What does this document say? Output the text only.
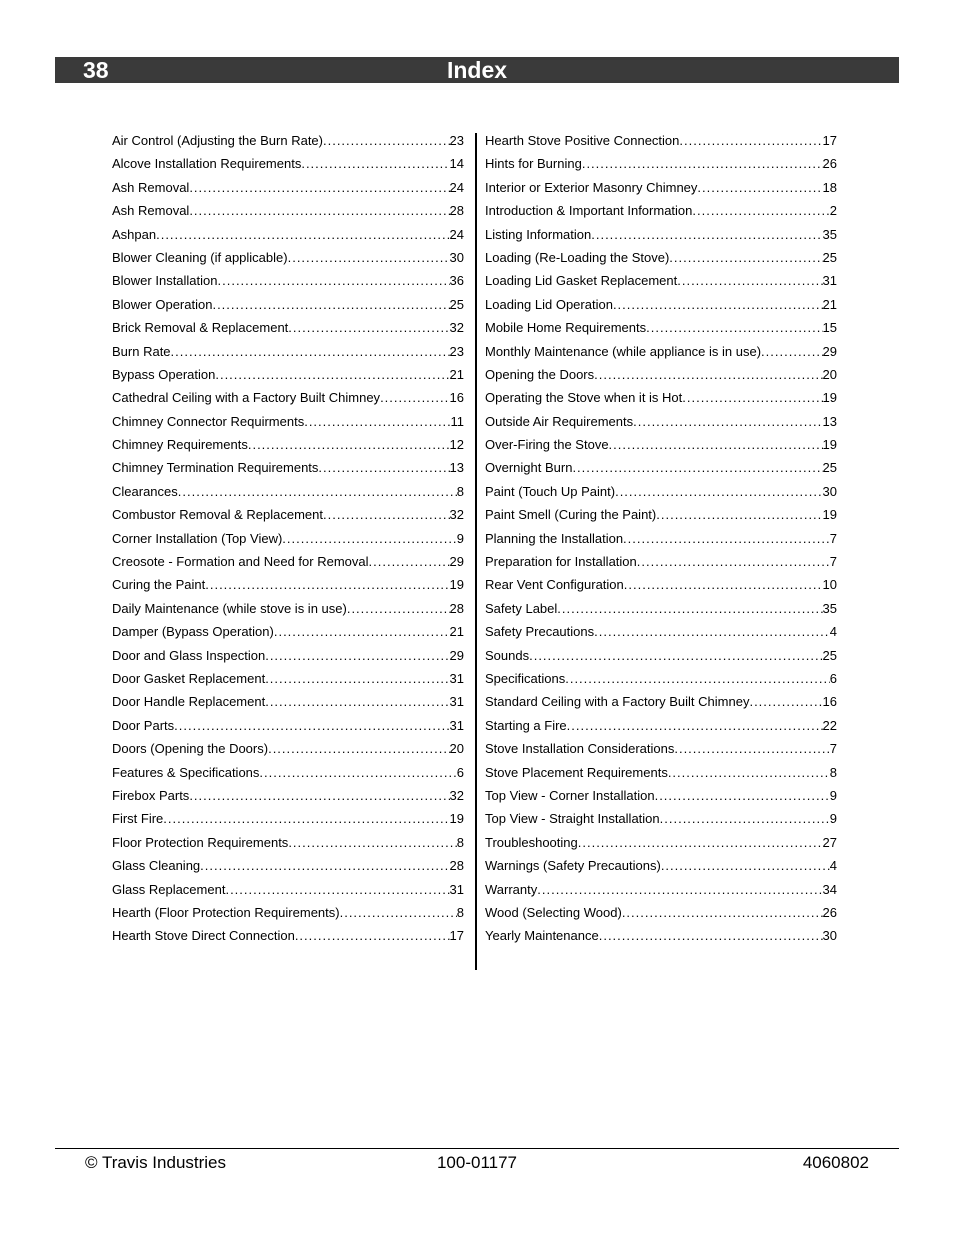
38	Index
Air Control (Adjusting the Burn Rate) .....	23
Alcove Installation Requirements .....	14
Ash Removal .....	24
Ash Removal .....	28
Ashpan .....	24
Blower Cleaning (if applicable) .....	30
Blower Installation .....	36
Blower Operation .....	25
Brick Removal & Replacement .....	32
Burn Rate .....	23
Bypass Operation .....	21
Cathedral Ceiling with a Factory Built Chimney .....	16
Chimney Connector Requirments .....	11
Chimney Requirements .....	12
Chimney Termination Requirements .....	13
Clearances .....	8
Combustor Removal & Replacement .....	32
Corner Installation (Top View) .....	9
Creosote - Formation and Need for Removal .....	29
Curing the Paint .....	19
Daily Maintenance (while stove is in use) .....	28
Damper (Bypass Operation) .....	21
Door and Glass Inspection .....	29
Door Gasket Replacement .....	31
Door Handle Replacement .....	31
Door Parts .....	31
Doors (Opening the Doors) .....	20
Features & Specifications .....	6
Firebox Parts .....	32
First Fire .....	19
Floor Protection Requirements .....	8
Glass Cleaning .....	28
Glass Replacement .....	31
Hearth (Floor Protection Requirements) .....	8
Hearth Stove Direct Connection .....	17
Hearth Stove Positive Connection .....	17
Hints for Burning .....	26
Interior or Exterior Masonry Chimney .....	18
Introduction & Important Information .....	2
Listing Information .....	35
Loading (Re-Loading the Stove) .....	25
Loading Lid Gasket Replacement .....	31
Loading Lid Operation .....	21
Mobile Home Requirements .....	15
Monthly Maintenance (while appliance is in use) .....	29
Opening the Doors .....	20
Operating the Stove when it is Hot .....	19
Outside Air Requirements .....	13
Over-Firing the Stove .....	19
Overnight Burn .....	25
Paint (Touch Up Paint) .....	30
Paint Smell (Curing the Paint) .....	19
Planning the Installation .....	7
Preparation for Installation .....	7
Rear Vent Configuration .....	10
Safety Label .....	35
Safety Precautions .....	4
Sounds .....	25
Specifications .....	6
Standard Ceiling with a Factory Built Chimney .....	16
Starting a Fire .....	22
Stove Installation Considerations .....	7
Stove Placement Requirements .....	8
Top View - Corner Installation .....	9
Top View - Straight Installation .....	9
Troubleshooting .....	27
Warnings (Safety Precautions) .....	4
Warranty .....	34
Wood (Selecting Wood) .....	26
Yearly Maintenance .....	30
© Travis Industries	100-01177	4060802
